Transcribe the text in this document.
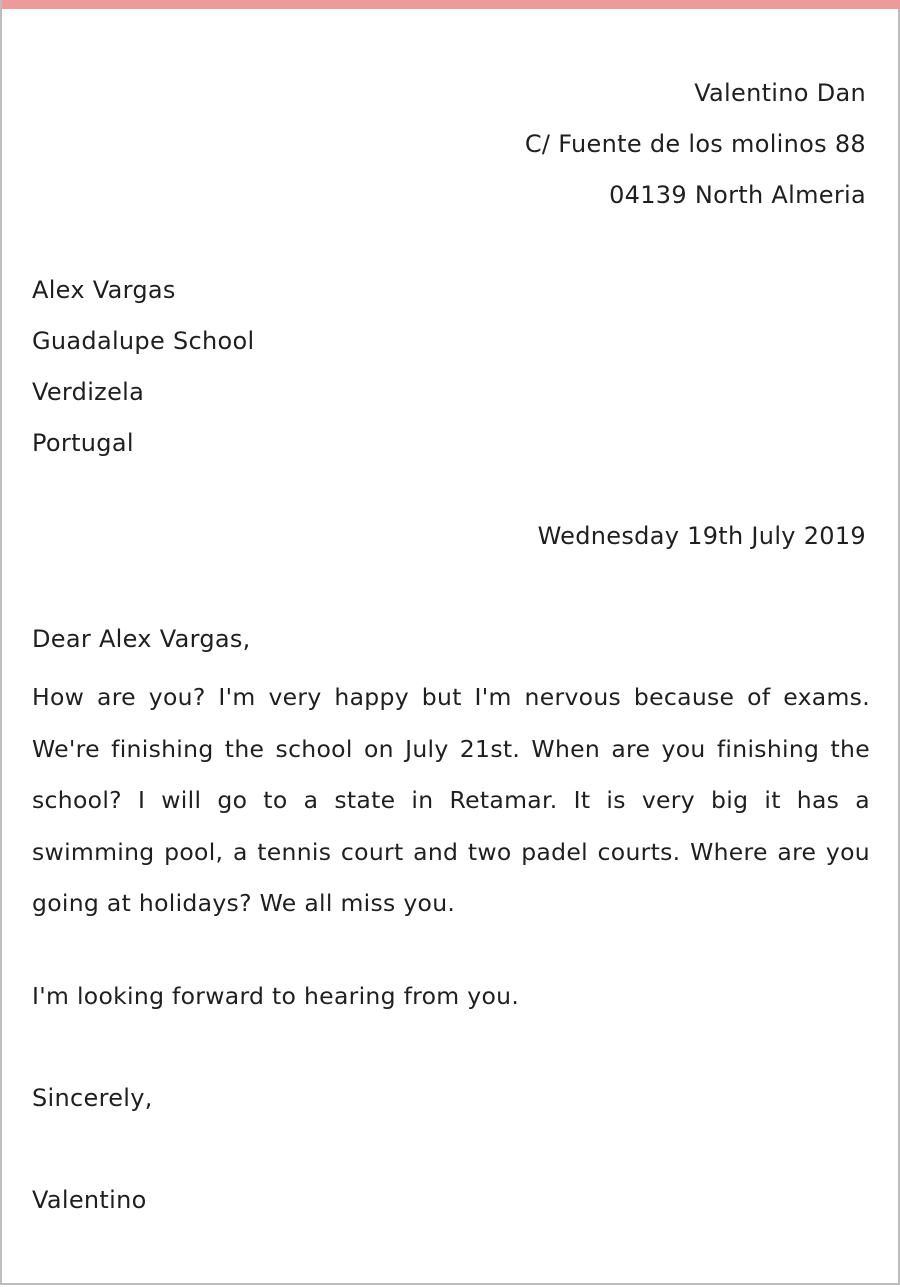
Valentino Dan
C/ Fuente de los molinos 88
04139 North Almeria
Alex Vargas
Guadalupe School
Verdizela
Portugal
Wednesday 19th July 2019
Dear Alex Vargas,
How are you? I'm very happy but I'm nervous because of exams. We're finishing the school on July 21st. When are you finishing the school? I will go to a state in Retamar. It is very big it has a swimming pool, a tennis court and two padel courts. Where are you going at holidays? We all miss you.
I'm looking forward to hearing from you.
Sincerely,
Valentino
